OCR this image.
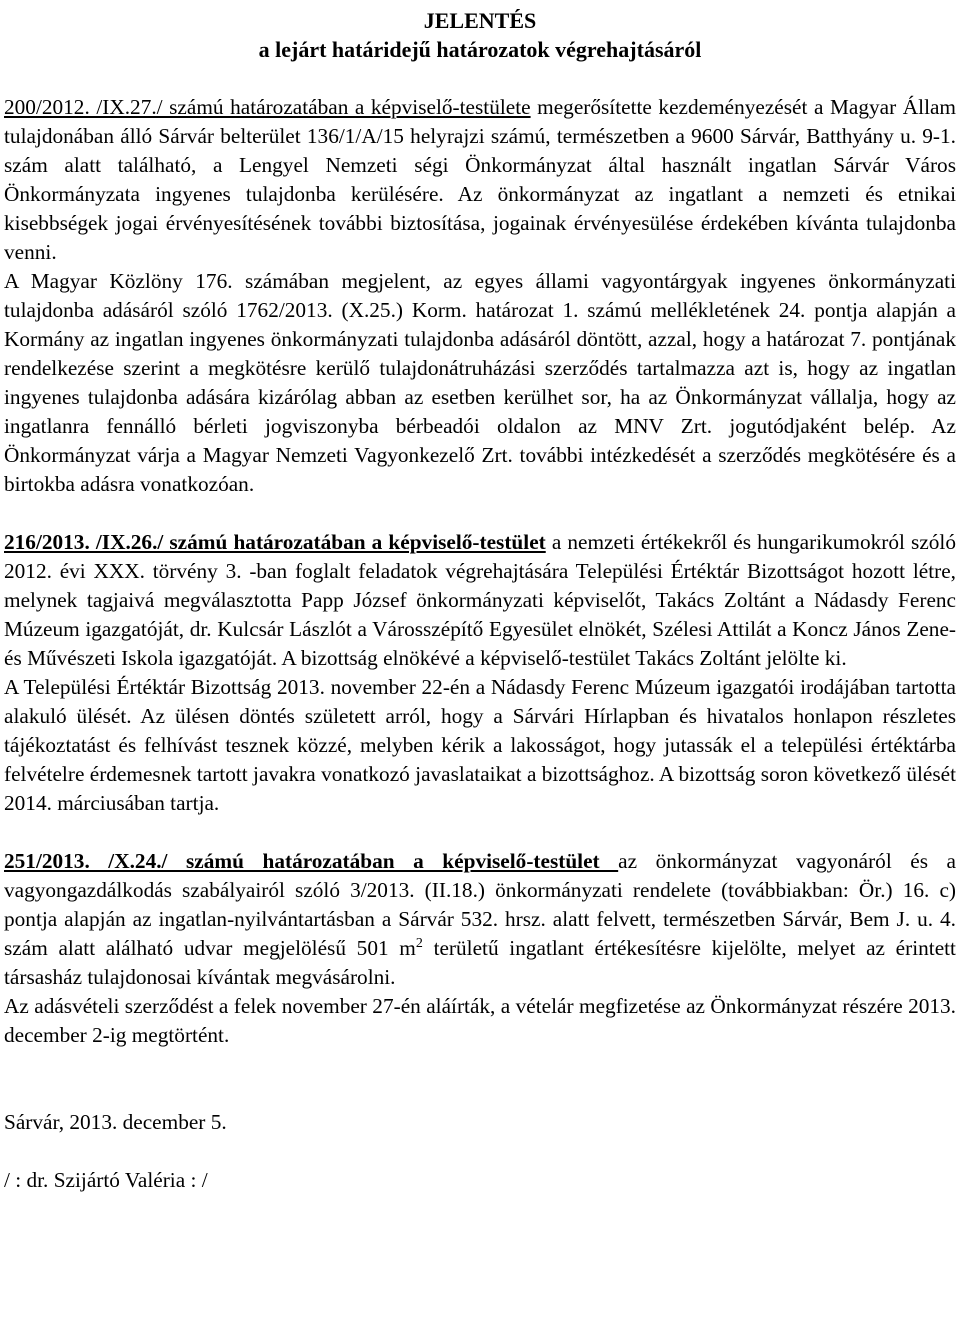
JELENTÉS

a lejárt határidejű határozatok végrehajtásáról

200/2012. /IX.27./ számú határozatában a képviselő-testülete megerősítette kezdeményezését a Magyar Állam tulajdonában álló Sárvár belterület 136/1/A/15 helyrajzi számú, természetben a 9600 Sárvár, Batthyány u. 9-1. szám alatt található, a Lengyel Nemzeti ségi Önkormányzat által használt ingatlan Sárvár Város Önkormányzata ingyenes tulajdonba kerülésére. Az önkormányzat az ingatlant a nemzeti és etnikai kisebbségek jogai érvényesítésének további biztosítása, jogainak érvényesülése érdekében kívánta tulajdonba venni.

A Magyar Közlöny 176. számában megjelent, az egyes állami vagyontárgyak ingyenes önkormányzati tulajdonba adásáról szóló 1762/2013. (X.25.) Korm. határozat 1. számú mellékletének 24. pontja alapján a Kormány az ingatlan ingyenes önkormányzati tulajdonba adásáról döntött, azzal, hogy a határozat 7. pontjának rendelkezése szerint a megkötésre kerülő tulajdonátruházási szerződés tartalmazza azt is, hogy az ingatlan ingyenes tulajdonba adására kizárólag abban az esetben kerülhet sor, ha az Önkormányzat vállalja, hogy az ingatlanra fennálló bérleti jogviszonyba bérbeadói oldalon az MNV Zrt. jogutódjaként belép. Az Önkormányzat várja a Magyar Nemzeti Vagyonkezelő Zrt. további intézkedését a szerződés megkötésére és a birtokba adásra vonatkozóan.

216/2013. /IX.26./ számú határozatában a képviselő-testület a nemzeti értékekről és hungarikumokról szóló 2012. évi XXX. törvény 3. -ban foglalt feladatok végrehajtására Települési Értéktár Bizottságot hozott létre, melynek tagjaivá megválasztotta Papp József önkormányzati képviselőt, Takács Zoltánt a Nádasdy Ferenc Múzeum igazgatóját, dr. Kulcsár Lászlót a Városszépítő Egyesület elnökét, Szélesi Attilát a Koncz János Zene- és Művészeti Iskola igazgatóját. A bizottság elnökévé a képviselő-testület Takács Zoltánt jelölte ki.

A Települési Értéktár Bizottság 2013. november 22-én a Nádasdy Ferenc Múzeum igazgatói irodájában tartotta alakuló ülését. Az ülésen döntés született arról, hogy a Sárvári Hírlapban és hivatalos honlapon részletes tájékoztatást és felhívást tesznek közzé, melyben kérik a lakosságot, hogy jutassák el a települési értéktárba felvételre érdemesnek tartott javakra vonatkozó javaslataikat a bizottsághoz. A bizottság soron következő ülését 2014. márciusában tartja.

251/2013. /X.24./ számú határozatában a képviselő-testület az önkormányzat vagyonáról és a vagyongazdálkodás szabályairól szóló 3/2013. (II.18.) önkormányzati rendelete (továbbiakban: Ör.) 16. c) pontja alapján az ingatlan-nyilvántartásban a Sárvár 532. hrsz. alatt felvett, természetben Sárvár, Bem J. u. 4. szám alatt alálható udvar megjelölésű 501 $m^2$ területű ingatlant értékesítésre kijelölte, melyet az érintett társasház tulajdonosai kívántak megvásárolni.

Az adásvételi szerződést a felek november 27-én aláírták, a vételár megfizetése az Önkormányzat részére 2013. december 2-ig megtörtént.

Sárvár, 2013. december 5.

/ : dr. Szijártó Valéria : /
